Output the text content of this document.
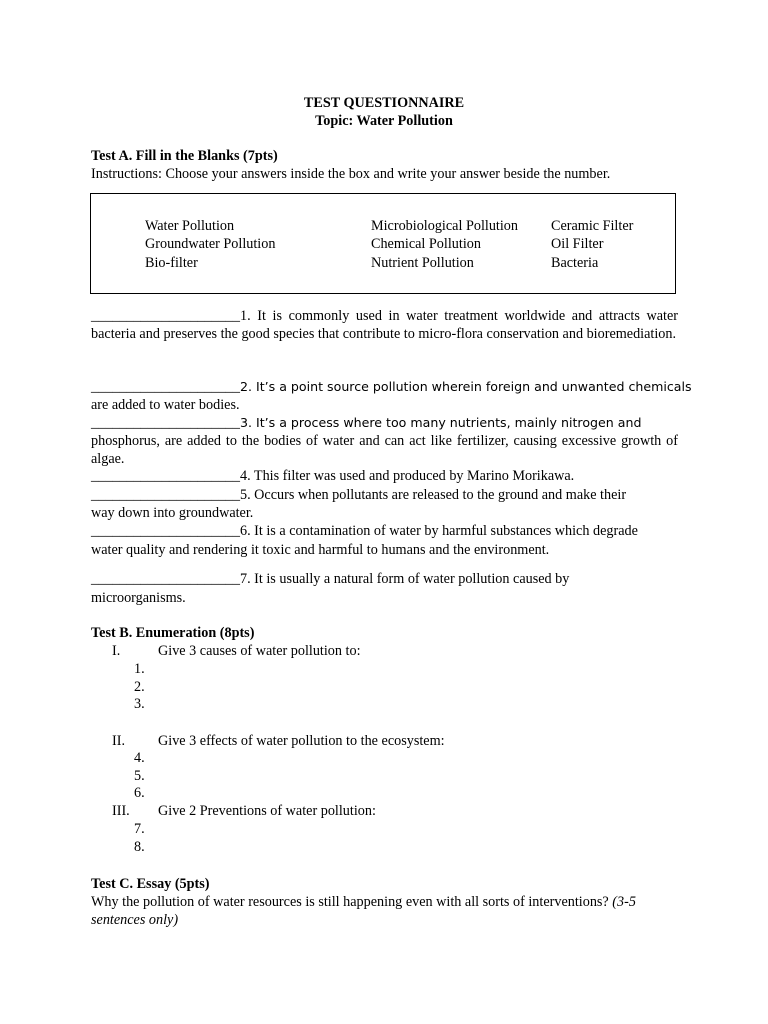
TEST QUESTIONNAIRE
Topic: Water Pollution
Test A. Fill in the Blanks (7pts)
Instructions: Choose your answers inside the box and write your answer beside the number.
Water Pollution
Groundwater Pollution
Bio-filter
Microbiological Pollution
Chemical Pollution
Nutrient Pollution
Ceramic Filter
Oil Filter
Bacteria
_____________________1. It is commonly used in water treatment worldwide and attracts water bacteria and preserves the good species that contribute to micro-flora conservation and bioremediation.
_____________________2. It’s a point source pollution wherein foreign and unwanted chemicals
are added to water bodies.
_____________________3. It’s a process where too many nutrients, mainly nitrogen and
phosphorus, are added to the bodies of water and can act like fertilizer, causing excessive growth of algae.
_____________________4. This filter was used and produced by Marino Morikawa.
_____________________5. Occurs when pollutants are released to the ground and make their
way down into groundwater.
_____________________6. It is a contamination of water by harmful substances which degrade
water quality and rendering it toxic and harmful to humans and the environment.
_____________________7. It is usually a natural form of water pollution caused by
microorganisms.
Test B. Enumeration (8pts)
I.	Give 3 causes of water pollution to:
1.
2.
3.
II. Give 3 effects of water pollution to the ecosystem:
4.
5.
6.
III. Give 2 Preventions of water pollution:
7.
8.
Test C. Essay (5pts)
Why the pollution of water resources is still happening even with all sorts of interventions? (3-5 sentences only)
